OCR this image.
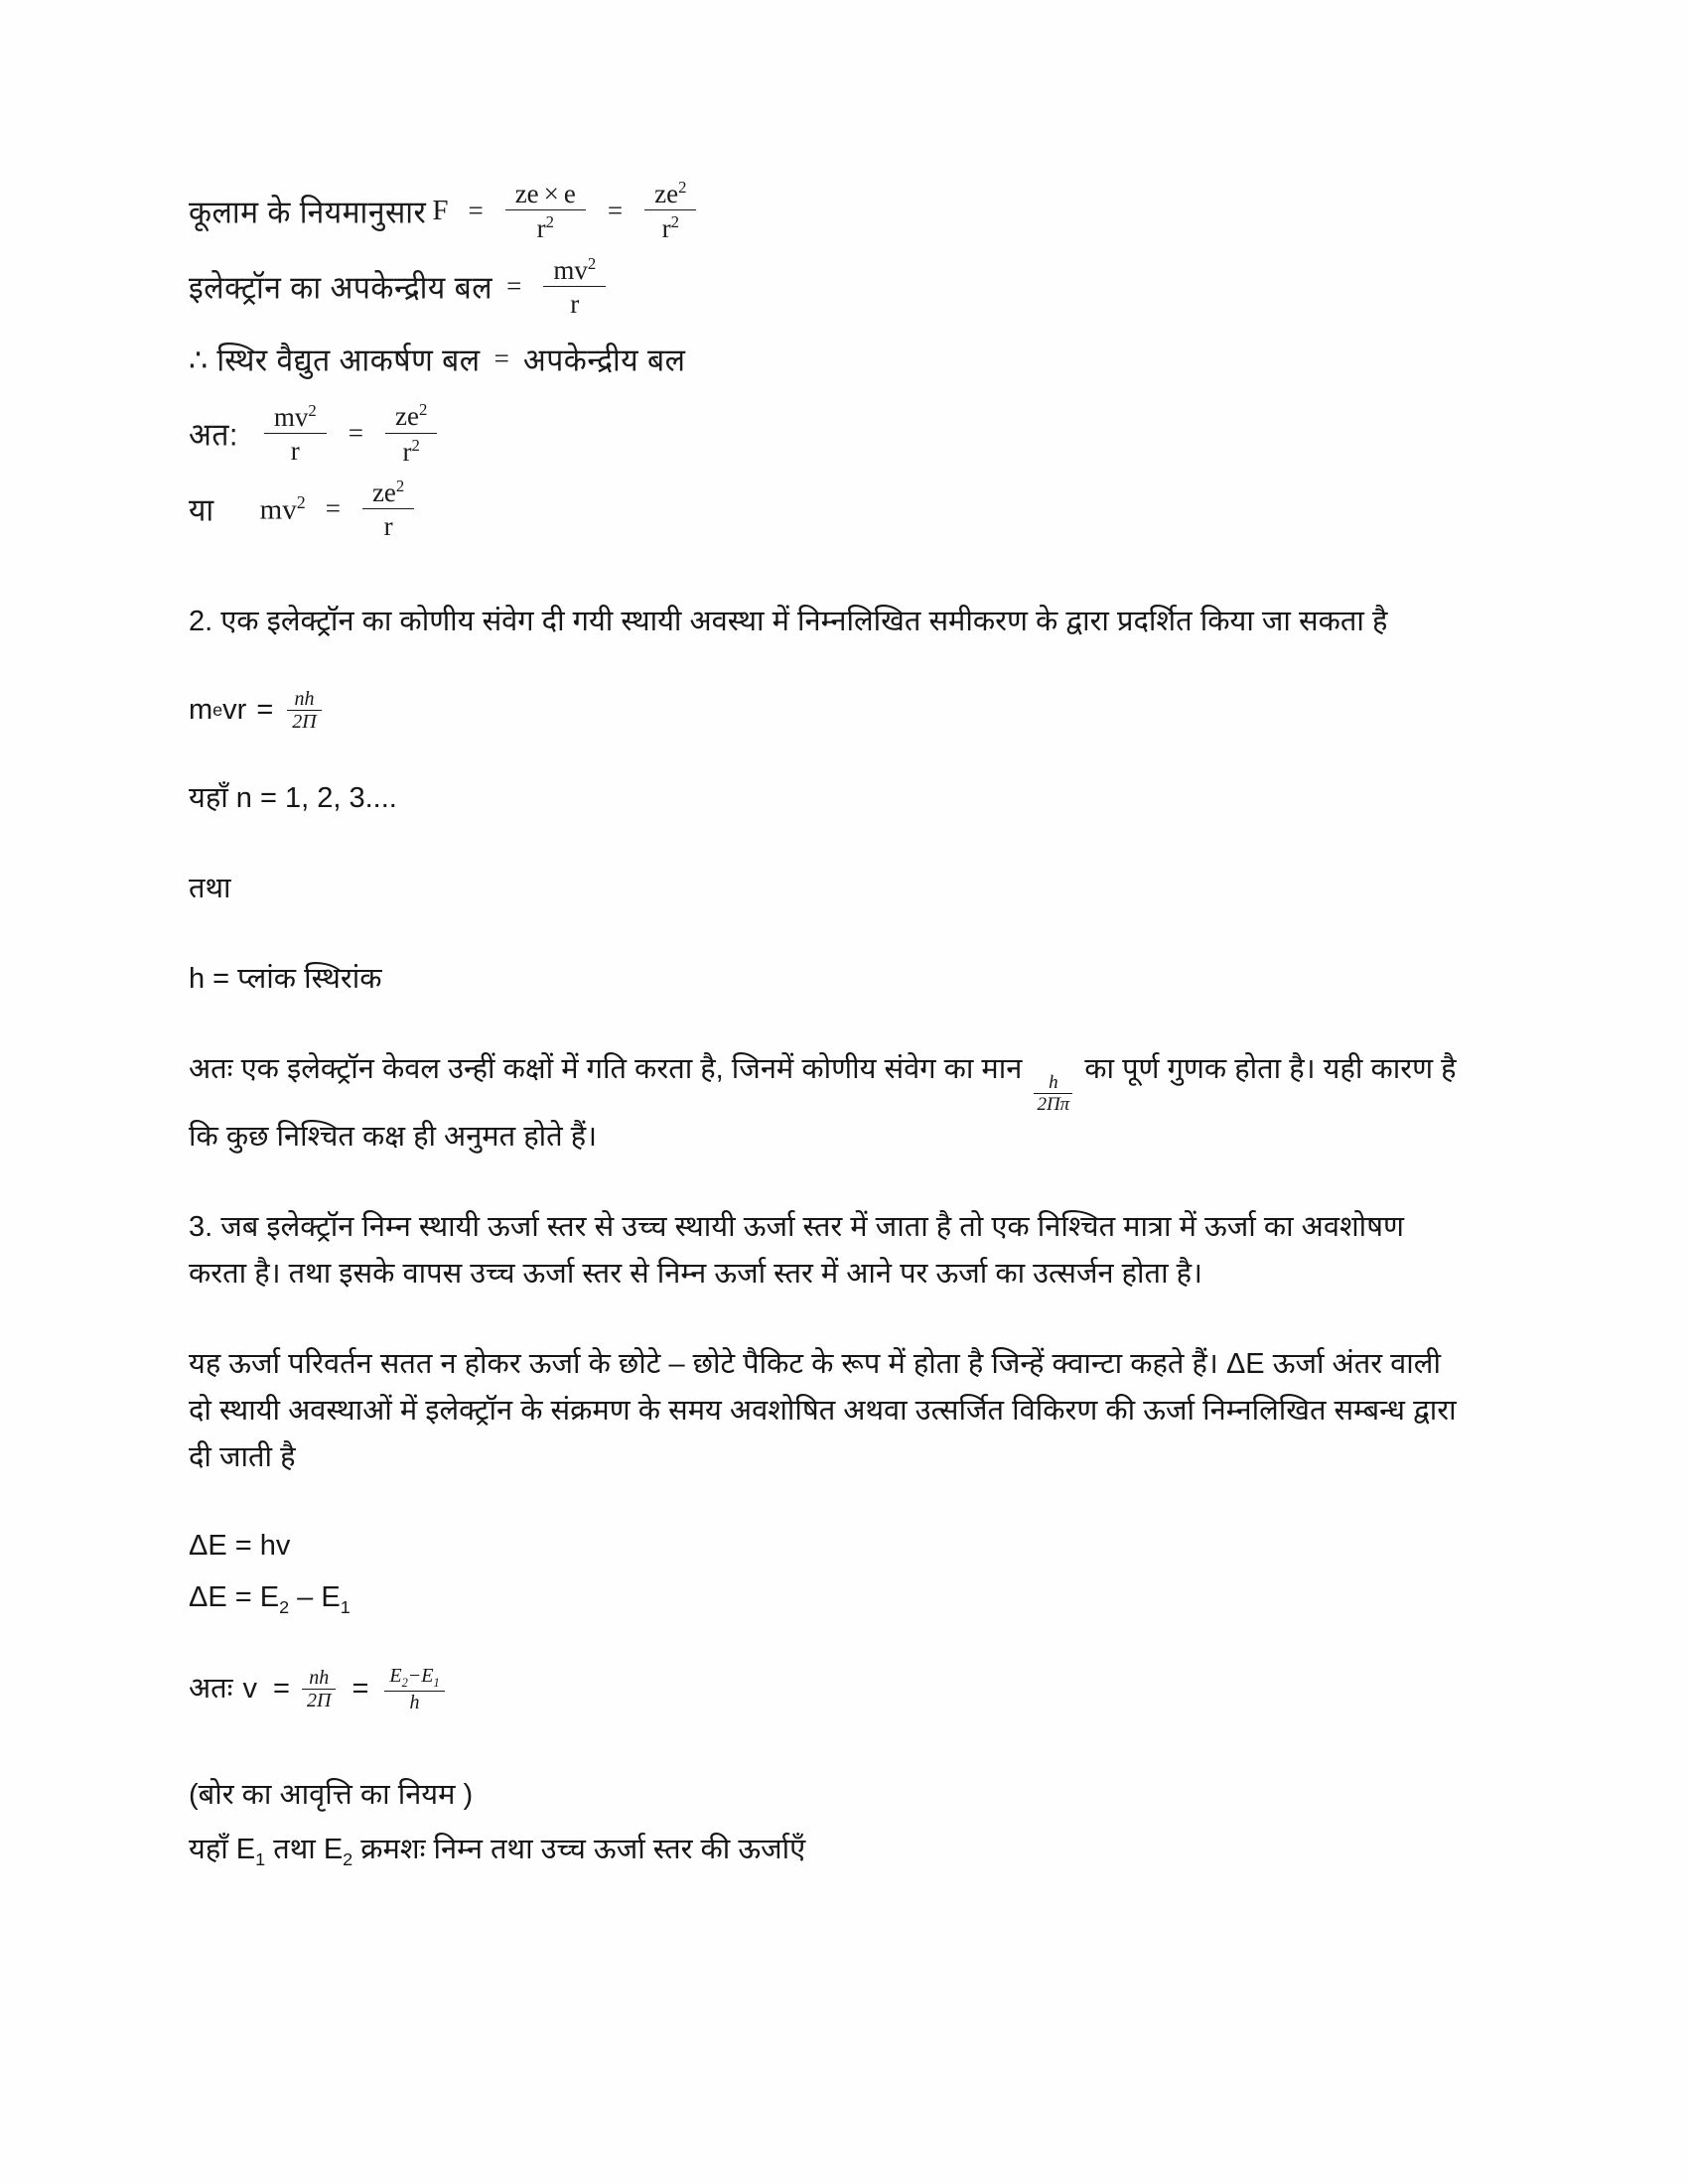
कूलाम के नियमानुसार $F = \frac{ze \times e}{r^2} = \frac{ze^2}{r^2}$
इलेक्ट्रॉन का अपकेन्द्रीय बल = $\frac{mv^2}{r}$
∴ स्थिर वैद्युत आकर्षण बल = अपकेन्द्रीय बल
अत: $\frac{mv^2}{r} = \frac{ze^2}{r^2}$
या	$mv^2 = \frac{ze^2}{r}$

2. एक इलेक्ट्रॉन का कोणीय संवेग दी गयी स्थायी अवस्था में निम्नलिखित समीकरण के द्वारा प्रदर्शित किया जा सकता है

m e vr = $\frac{nh}{2\Pi}$

यहाँ n = 1, 2, 3....

तथा

h = प्लांक स्थिरांक

अतः एक इलेक्ट्रॉन केवल उन्हीं कक्षों में गति करता है, जिनमें कोणीय संवेग का मान
$\frac{h}{2\Pi\pi}$
का पूर्ण गुणक होता है। यही कारण है कि कुछ निश्चित कक्ष ही अनुमत होते हैं।

3. जब इलेक्ट्रॉन निम्न स्थायी ऊर्जा स्तर से उच्च स्थायी ऊर्जा स्तर में जाता है तो एक निश्चित मात्रा में ऊर्जा का अवशोषण करता है। तथा इसके वापस उच्च ऊर्जा स्तर से निम्न ऊर्जा स्तर में आने पर ऊर्जा का उत्सर्जन होता है।

यह ऊर्जा परिवर्तन सतत न होकर ऊर्जा के छोटे – छोटे पैकिट के रूप में होता है जिन्हें क्वान्टा कहते हैं। ΔE ऊर्जा अंतर वाली दो स्थायी अवस्थाओं में इलेक्ट्रॉन के संक्रमण के समय अवशोषित अथवा उत्सर्जित विकिरण की ऊर्जा निम्नलिखित सम्बन्ध द्वारा दी जाती है

ΔE = hv
$\Delta E = E_2 - E_1$
अतः $v = \frac{nh}{2\Pi} = \frac{E_2-E_1}{h}$

(बोर का आवृत्ति का नियम )

यहाँ $E_1$ तथा $E_2$ क्रमशः निम्न तथा उच्च ऊर्जा स्तर की ऊर्जाएँ
